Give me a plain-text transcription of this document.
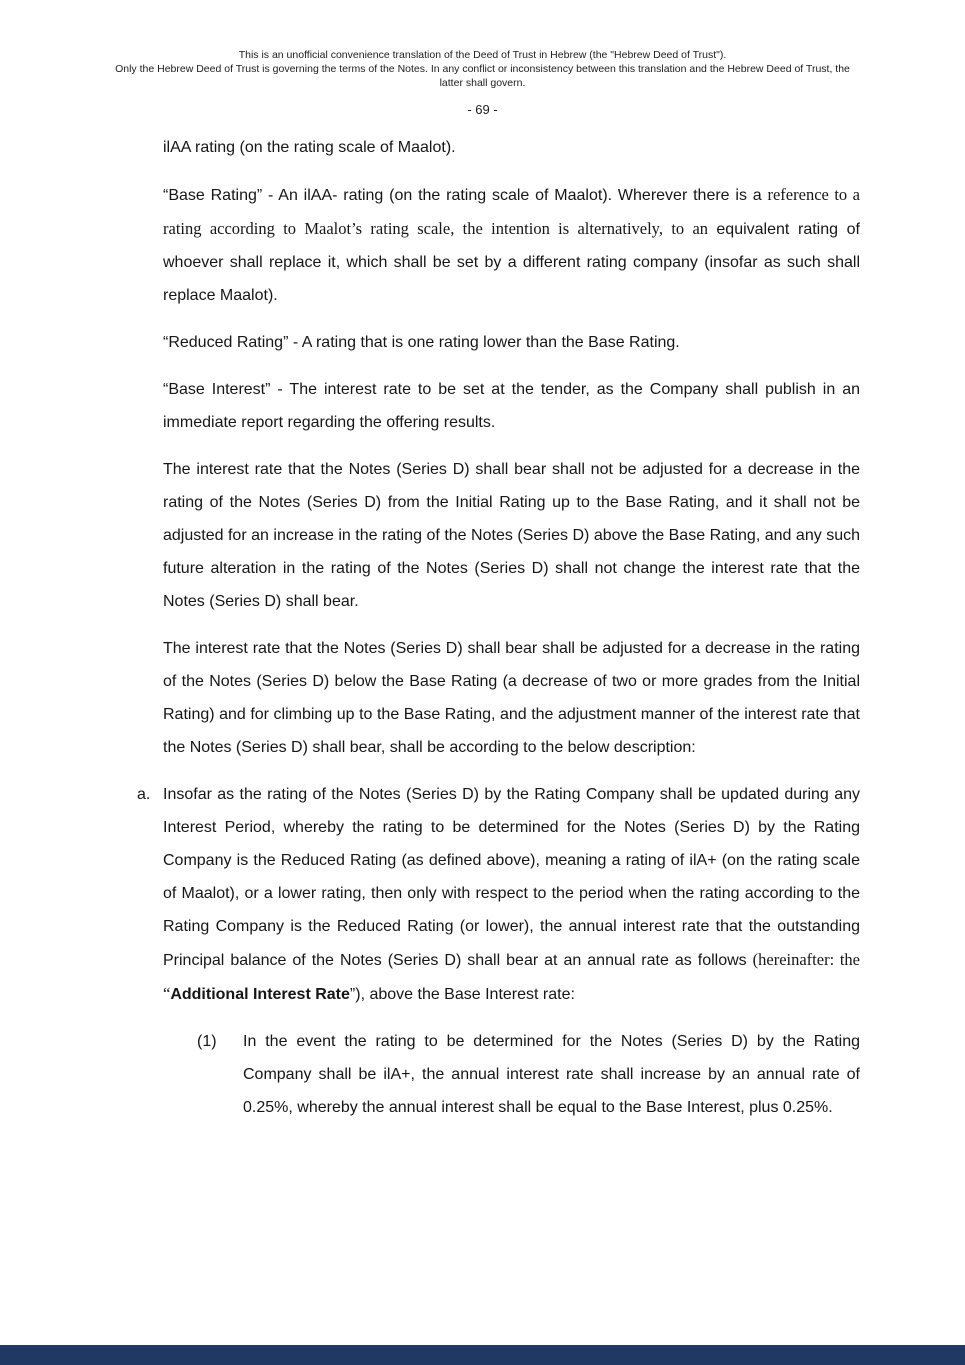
This is an unofficial convenience translation of the Deed of Trust in Hebrew (the "Hebrew Deed of Trust").
Only the Hebrew Deed of Trust is governing the terms of the Notes. In any conflict or inconsistency between this translation and the Hebrew Deed of Trust, the latter shall govern.
- 69 -

ilAA rating (on the rating scale of Maalot).

“Base Rating” - An ilAA- rating (on the rating scale of Maalot). Wherever there is a reference to a rating according to Maalot’s rating scale, the intention is alternatively, to an equivalent rating of whoever shall replace it, which shall be set by a different rating company (insofar as such shall replace Maalot).

“Reduced Rating” - A rating that is one rating lower than the Base Rating.

“Base Interest” - The interest rate to be set at the tender, as the Company shall publish in an immediate report regarding the offering results.

The interest rate that the Notes (Series D) shall bear shall not be adjusted for a decrease in the rating of the Notes (Series D) from the Initial Rating up to the Base Rating, and it shall not be adjusted for an increase in the rating of the Notes (Series D) above the Base Rating, and any such future alteration in the rating of the Notes (Series D) shall not change the interest rate that the Notes (Series D) shall bear.

The interest rate that the Notes (Series D) shall bear shall be adjusted for a decrease in the rating of the Notes (Series D) below the Base Rating (a decrease of two or more grades from the Initial Rating) and for climbing up to the Base Rating, and the adjustment manner of the interest rate that the Notes (Series D) shall bear, shall be according to the below description:

a. Insofar as the rating of the Notes (Series D) by the Rating Company shall be updated during any Interest Period, whereby the rating to be determined for the Notes (Series D) by the Rating Company is the Reduced Rating (as defined above), meaning a rating of ilA+ (on the rating scale of Maalot), or a lower rating, then only with respect to the period when the rating according to the Rating Company is the Reduced Rating (or lower), the annual interest rate that the outstanding Principal balance of the Notes (Series D) shall bear at an annual rate as follows (hereinafter: the “Additional Interest Rate”), above the Base Interest rate:
(1)	In the event the rating to be determined for the Notes (Series D) by the Rating Company shall be ilA+, the annual interest rate shall increase by an annual rate of 0.25%, whereby the annual interest shall be equal to the Base Interest, plus 0.25%.
